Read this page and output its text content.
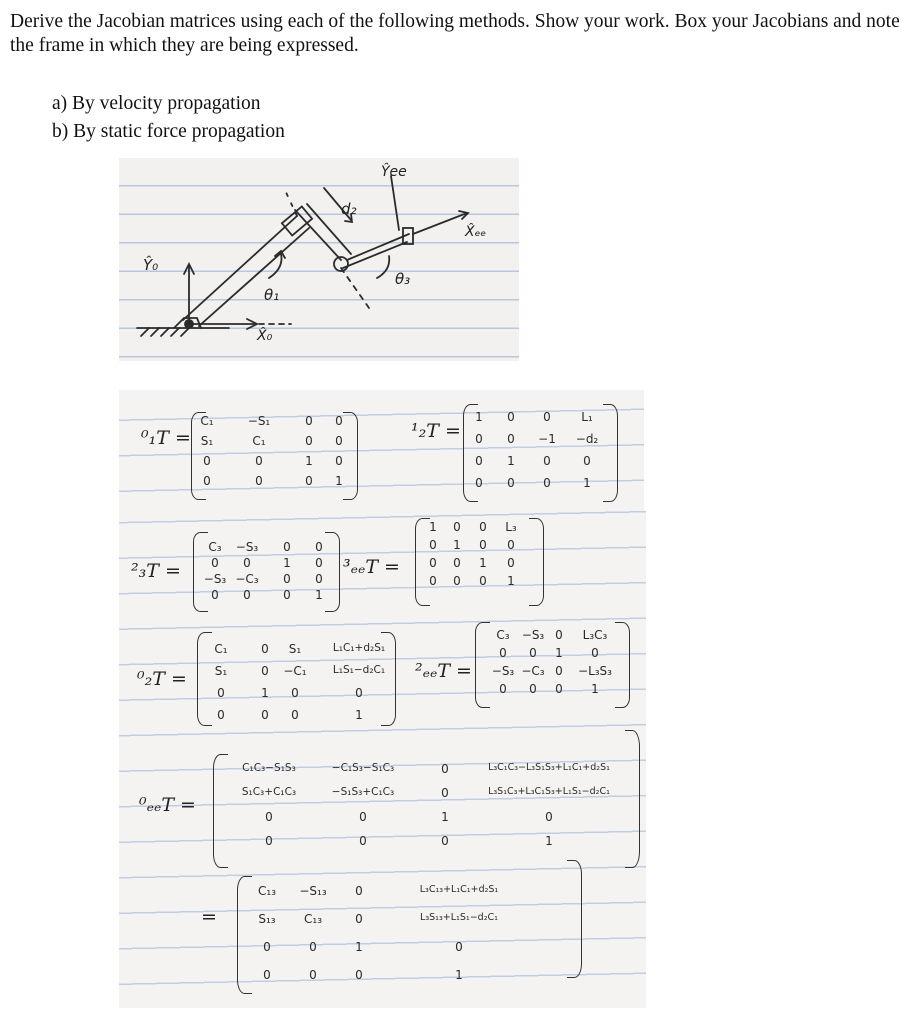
Derive the Jacobian matrices using each of the following methods. Show your work. Box your Jacobians and note the frame in which they are being expressed.
a) By velocity propagation
b) By static force propagation
Ŷ₀
X̂₀
θ₁
d₂
θ₃
Ŷee
X̂ₑₑ
⁰₁T =
C₁	−S₁	0 0
S₁	C₁	0 0
0	0	1 0
0	0	0 1
¹₂T =
1 0 0	L₁
0 0 −1 −d₂
0 1 0	0
0 0 0	1
²₃T =
C₃ −S₃ 0 0
0 0	1 0
−S₃ −C₃ 0 0
0 0	0 1
³ₑₑT =
1 0 0 L₃
0 1 0 0
0 0 1 0
0 0 0 1
⁰₂T =
C₁	0 S₁	L₁C₁+d₂S₁
S₁	0 −C₁	L₁S₁−d₂C₁
0	1 0	0
0	0 0	1
²ₑₑT =
C₃ −S₃ 0 L₃C₃
0 0 1 0
−S₃ −C₃ 0 −L₃S₃
0 0 0 1
⁰ₑₑT =
C₁C₃−S₁S₃	−C₁S₃−S₁C₃	0	L₃C₁C₃−L₃S₁S₃+L₁C₁+d₂S₁
S₁C₃+C₁C₃	−S₁S₃+C₁C₃	0	L₃S₁C₃+L₃C₁S₃+L₁S₁−d₂C₁
0	0	1	0
0	0	0	1
=
C₁₃ −S₁₃ 0	L₃C₁₃+L₁C₁+d₂S₁
S₁₃ C₁₃	0	L₃S₁₃+L₁S₁−d₂C₁
0	0	1	0
0	0	0	1
